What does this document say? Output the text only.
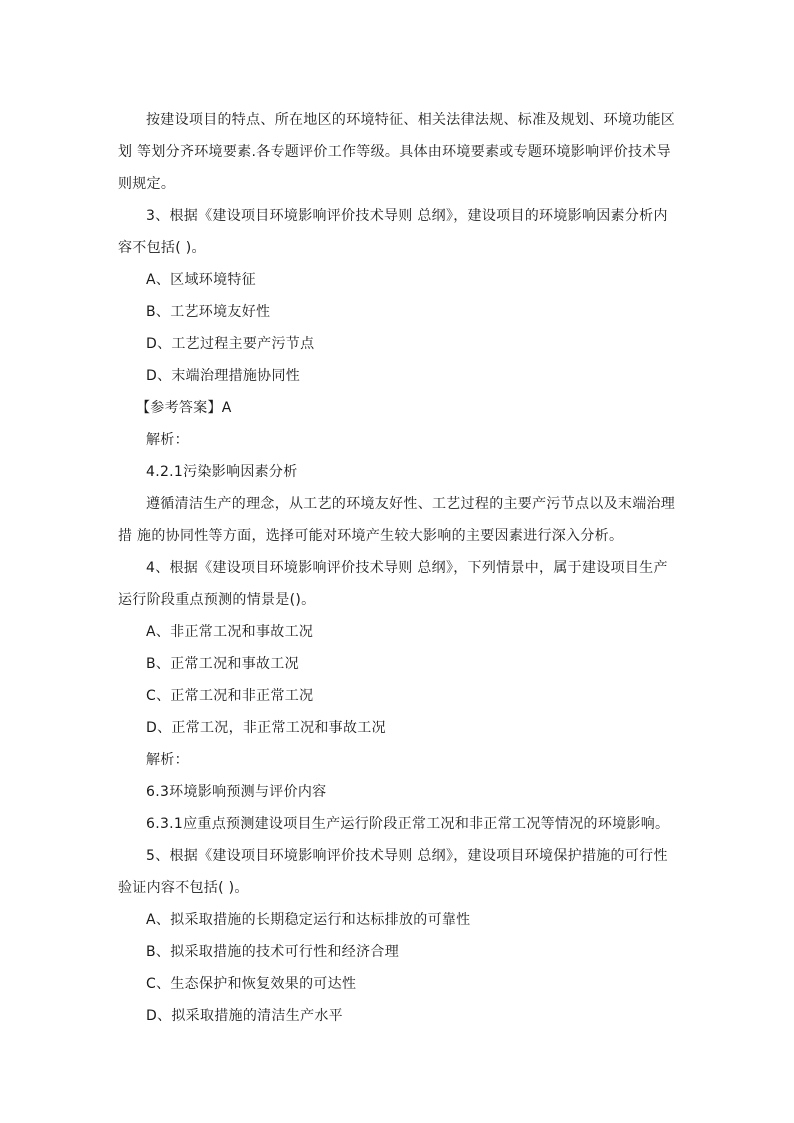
按建设项目的特点、所在地区的环境特征、相关法律法规、标准及规划、环境功能区
划 等划分齐环境要素.各专题评价工作等级。具体由环境要素或专题环境影响评价技术导
则规定。
3、根据《建设项目环境影响评价技术导则 总纲》，建设项目的环境影响因素分析内
容不包括( )。
A、区域环境特征
B、工艺环境友好性
D、工艺过程主要产污节点
D、末端治理措施协同性
【参考答案】A
解析：
4.2.1污染影响因素分析
遵循清洁生产的理念，从工艺的环境友好性、工艺过程的主要产污节点以及末端治理
措 施的协同性等方面，选择可能对环境产生较大影响的主要因素进行深入分析。
4、根据《建设项目环境影响评价技术导则 总纲》，下列情景中，属于建设项目生产
运行阶段重点预测的情景是()。
A、非正常工况和事故工况
B、正常工况和事故工况
C、正常工况和非正常工况
D、正常工况，非正常工况和事故工况
解析：
6.3环境影响预测与评价内容
6.3.1应重点预测建设项目生产运行阶段正常工况和非正常工况等情况的环境影响。
5、根据《建设项目环境影响评价技术导则 总纲》，建设项目环境保护措施的可行性
验证内容不包括( )。
A、拟采取措施的长期稳定运行和达标排放的可靠性
B、拟采取措施的技术可行性和经济合理
C、生态保护和恢复效果的可达性
D、拟采取措施的清洁生产水平
